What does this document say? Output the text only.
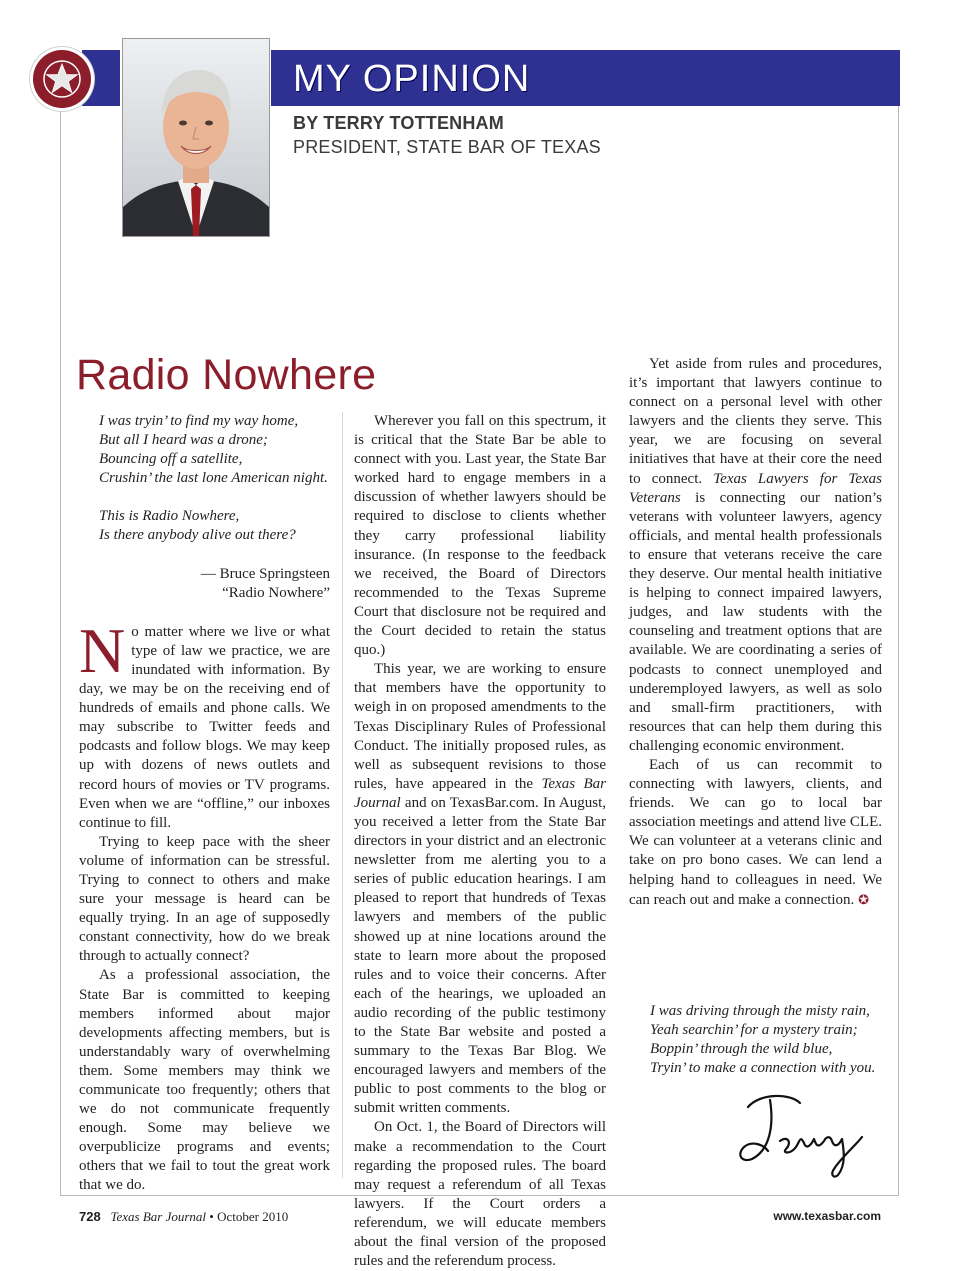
MY OPINION
BY TERRY TOTTENHAM
PRESIDENT, STATE BAR OF TEXAS
Radio Nowhere
I was tryin’ to find my way home,
But all I heard was a drone;
Bouncing off a satellite,
Crushin’ the last lone American night.
This is Radio Nowhere,
Is there anybody alive out there?
— Bruce Springsteen
“Radio Nowhere”

No matter where we live or what type of law we practice, we are inundated with information. By day, we may be on the receiving end of hundreds of emails and phone calls. We may subscribe to Twitter feeds and podcasts and follow blogs. We may keep up with dozens of news outlets and record hours of movies or TV programs. Even when we are “offline,” our inboxes continue to fill.

Trying to keep pace with the sheer volume of information can be stressful. Trying to connect to others and make sure your message is heard can be equally trying. In an age of supposedly constant connectivity, how do we break through to actually connect?

As a professional association, the State Bar is committed to keeping members informed about major developments affecting members, but is understandably wary of overwhelming them. Some members may think we communicate too frequently; others that we do not communicate frequently enough. Some may believe we overpublicize programs and events; others that we fail to tout the great work that we do.

Wherever you fall on this spectrum, it is critical that the State Bar be able to connect with you. Last year, the State Bar worked hard to engage members in a discussion of whether lawyers should be required to disclose to clients whether they carry professional liability insurance. (In response to the feedback we received, the Board of Directors recommended to the Texas Supreme Court that disclosure not be required and the Court decided to retain the status quo.)

This year, we are working to ensure that members have the opportunity to weigh in on proposed amendments to the Texas Disciplinary Rules of Professional Conduct. The initially proposed rules, as well as subsequent revisions to those rules, have appeared in the Texas Bar Journal and on TexasBar.com. In August, you received a letter from the State Bar directors in your district and an electronic newsletter from me alerting you to a series of public education hearings. I am pleased to report that hundreds of Texas lawyers and members of the public showed up at nine locations around the state to learn more about the proposed rules and to voice their concerns. After each of the hearings, we uploaded an audio recording of the public testimony to the State Bar website and posted a summary to the Texas Bar Blog. We encouraged lawyers and members of the public to post comments to the blog or submit written comments.

On Oct. 1, the Board of Directors will make a recommendation to the Court regarding the proposed rules. The board may request a referendum of all Texas lawyers. If the Court orders a referendum, we will educate members about the final version of the proposed rules and the referendum process.

Yet aside from rules and procedures, it’s important that lawyers continue to connect on a personal level with other lawyers and the clients they serve. This year, we are focusing on several initiatives that have at their core the need to connect. Texas Lawyers for Texas Veterans is connecting our nation’s veterans with volunteer lawyers, agency officials, and mental health professionals to ensure that veterans receive the care they deserve. Our mental health initiative is helping to connect impaired lawyers, judges, and law students with the counseling and treatment options that are available. We are coordinating a series of podcasts to connect unemployed and underemployed lawyers, as well as solo and small-firm practitioners, with resources that can help them during this challenging economic environment.

Each of us can recommit to connecting with lawyers, clients, and friends. We can go to local bar association meetings and attend live CLE. We can volunteer at a veterans clinic and take on pro bono cases. We can lend a helping hand to colleagues in need. We can reach out and make a connection. ✪

I was driving through the misty rain,
Yeah searchin’ for a mystery train;
Boppin’ through the wild blue,
Tryin’ to make a connection with you.
728 Texas Bar Journal • October 2010	www.texasbar.com
